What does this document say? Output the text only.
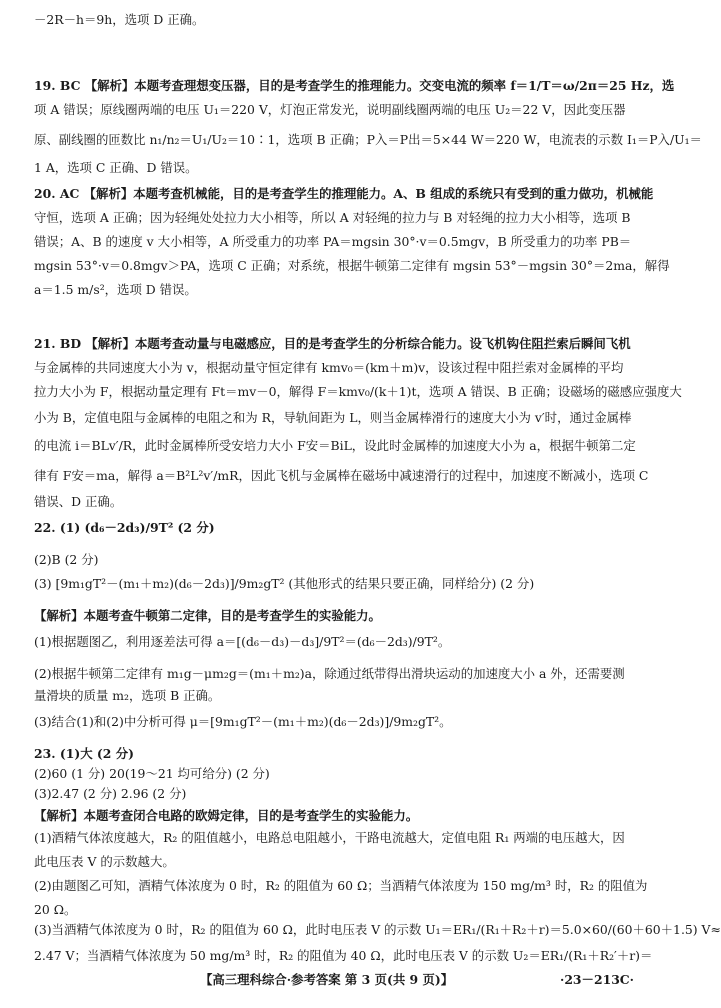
－2R－h＝9h，选项 D 正确。
19. BC 【解析】本题考查理想变压器，目的是考查学生的推理能力。交变电流的频率 f＝1/T＝ω/2π＝25 Hz，选
项 A 错误；原线圈两端的电压 U₁＝220 V，灯泡正常发光，说明副线圈两端的电压 U₂＝22 V，因此变压器
原、副线圈的匝数比 n₁/n₂＝U₁/U₂＝10∶1，选项 B 正确；P入＝P出＝5×44 W＝220 W，电流表的示数 I₁＝P入/U₁＝
1 A，选项 C 正确、D 错误。
20. AC 【解析】本题考查机械能，目的是考查学生的推理能力。A、B 组成的系统只有受到的重力做功，机械能
守恒，选项 A 正确；因为轻绳处处拉力大小相等，所以 A 对轻绳的拉力与 B 对轻绳的拉力大小相等，选项 B
错误；A、B 的速度 v 大小相等，A 所受重力的功率 PA＝mgsin 30°·v＝0.5mgv，B 所受重力的功率 PB＝
mgsin 53°·v＝0.8mgv＞PA，选项 C 正确；对系统，根据牛顿第二定律有 mgsin 53°－mgsin 30°＝2ma，解得
a＝1.5 m/s²，选项 D 错误。
21. BD 【解析】本题考查动量与电磁感应，目的是考查学生的分析综合能力。设飞机钩住阻拦索后瞬间飞机
与金属棒的共同速度大小为 v，根据动量守恒定律有 kmv₀＝(km＋m)v，设该过程中阻拦索对金属棒的平均
拉力大小为 F，根据动量定理有 Ft＝mv－0，解得 F＝kmv₀/(k＋1)t，选项 A 错误、B 正确；设磁场的磁感应强度大
小为 B，定值电阻与金属棒的电阻之和为 R，导轨间距为 L，则当金属棒滑行的速度大小为 v′时，通过金属棒
的电流 i＝BLv′/R，此时金属棒所受安培力大小 F安＝BiL，设此时金属棒的加速度大小为 a，根据牛顿第二定
律有 F安＝ma，解得 a＝B²L²v′/mR，因此飞机与金属棒在磁场中减速滑行的过程中，加速度不断减小，选项 C
错误、D 正确。
22. (1) (d₆－2d₃)/9T² (2 分)
(2)B (2 分)
(3) [9m₁gT²－(m₁＋m₂)(d₆－2d₃)]/9m₂gT² (其他形式的结果只要正确，同样给分) (2 分)
【解析】本题考查牛顿第二定律，目的是考查学生的实验能力。
(1)根据题图乙，利用逐差法可得 a＝[(d₆－d₃)－d₃]/9T²＝(d₆－2d₃)/9T²。
(2)根据牛顿第二定律有 m₁g－μm₂g＝(m₁＋m₂)a，除通过纸带得出滑块运动的加速度大小 a 外，还需要测
量滑块的质量 m₂，选项 B 正确。
(3)结合(1)和(2)中分析可得 μ＝[9m₁gT²－(m₁＋m₂)(d₆－2d₃)]/9m₂gT²。
23. (1)大 (2 分)
(2)60 (1 分) 20(19～21 均可给分) (2 分)
(3)2.47 (2 分) 2.96 (2 分)
【解析】本题考查闭合电路的欧姆定律，目的是考查学生的实验能力。
(1)酒精气体浓度越大，R₂ 的阻值越小，电路总电阻越小，干路电流越大，定值电阻 R₁ 两端的电压越大，因
此电压表 V 的示数越大。
(2)由题图乙可知，酒精气体浓度为 0 时，R₂ 的阻值为 60 Ω；当酒精气体浓度为 150 mg/m³ 时，R₂ 的阻值为
20 Ω。
(3)当酒精气体浓度为 0 时，R₂ 的阻值为 60 Ω，此时电压表 V 的示数 U₁＝ER₁/(R₁＋R₂＋r)＝5.0×60/(60＋60＋1.5) V≈
2.47 V；当酒精气体浓度为 50 mg/m³ 时，R₂ 的阻值为 40 Ω，此时电压表 V 的示数 U₂＝ER₁/(R₁＋R₂′＋r)＝
【高三理科综合·参考答案 第 3 页(共 9 页)】	·23－213C·
